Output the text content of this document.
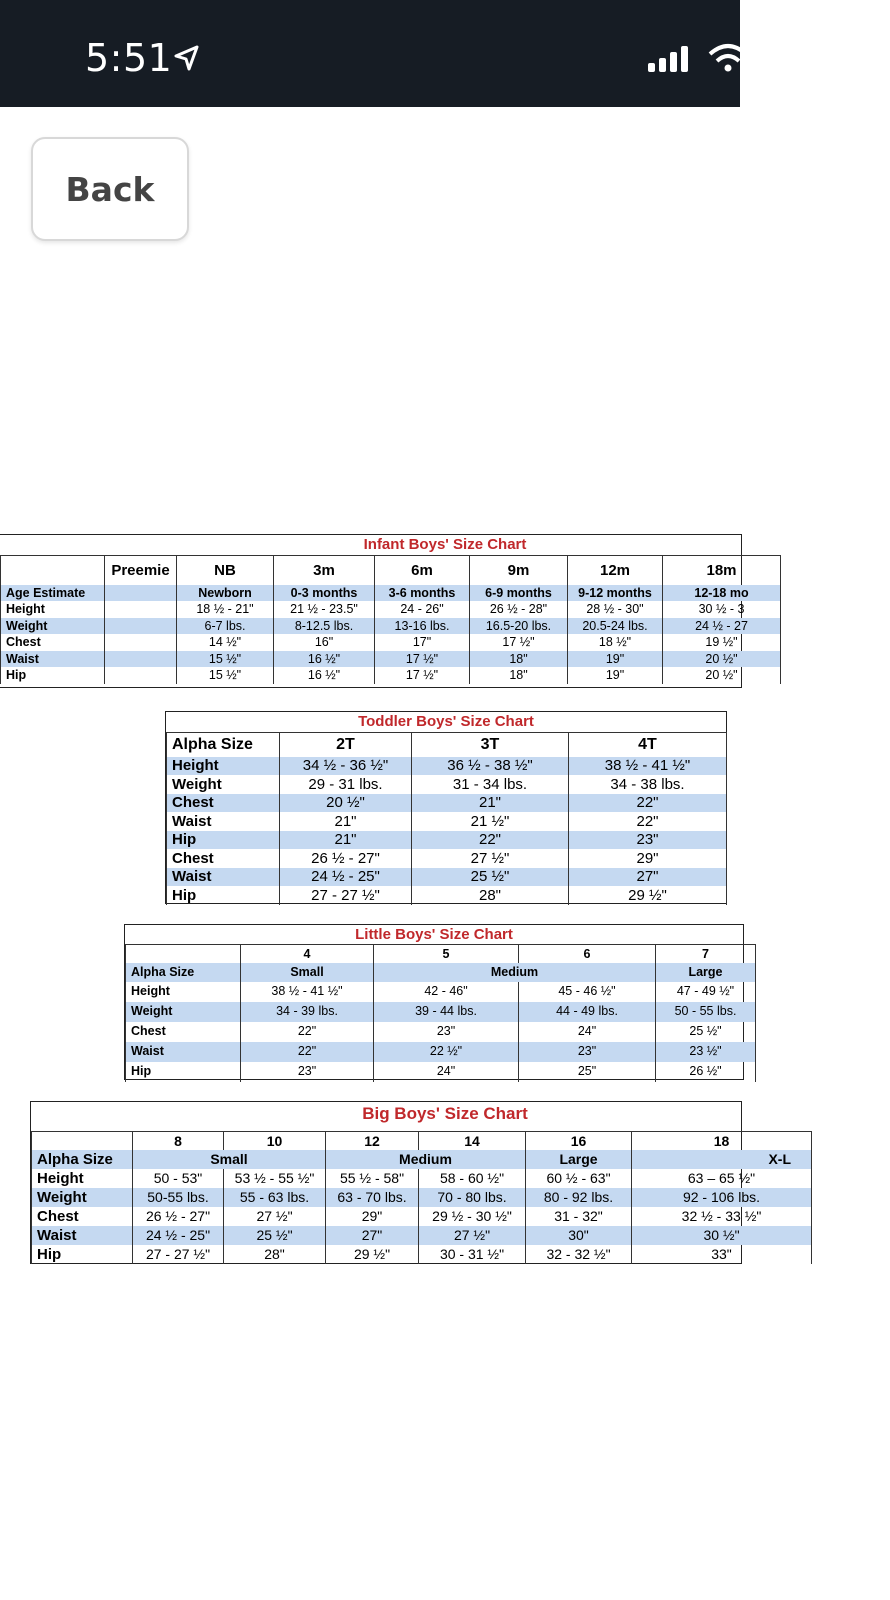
5:51
Back
Infant Boys' Size Chart
	Preemie	NB	3m	6m	9m	12m	18m
Age Estimate		Newborn	0-3 months	3-6 months	6-9 months	9-12 months	12-18 mo
Height		18 ½ - 21"	21 ½ - 23.5"	24 - 26"	26 ½ - 28"	28 ½ - 30"	30 ½ - 3
Weight		6-7 lbs.	8-12.5 lbs.	13-16 lbs.	16.5-20 lbs.	20.5-24 lbs.	24 ½ - 27
Chest		14 ½"	16"	17"	17 ½"	18 ½"	19 ½"
Waist		15 ½"	16 ½"	17 ½"	18"	19"	20 ½"
Hip		15 ½"	16 ½"	17 ½"	18"	19"	20 ½"
Toddler Boys' Size Chart
Alpha Size	2T	3T	4T
Height	34 ½ - 36 ½"	36 ½ - 38 ½"	38 ½ - 41 ½"
Weight	29 - 31 lbs.	31 - 34 lbs.	34 - 38 lbs.
Chest	20 ½"	21"	22"
Waist	21"	21 ½"	22"
Hip	21"	22"	23"
Chest	26 ½ - 27"	27 ½"	29"
Waist	24 ½ - 25"	25 ½"	27"
Hip	27 - 27 ½"	28"	29 ½"
Little Boys' Size Chart
	4	5	6	7
Alpha Size	Small	Medium		Large
Height	38 ½ - 41 ½"	42 - 46"	45 - 46 ½"	47 - 49 ½"
Weight	34 - 39 lbs.	39 - 44 lbs.	44 - 49 lbs.	50 - 55 lbs.
Chest	22"	23"	24"	25 ½"
Waist	22"	22 ½"	23"	23 ½"
Hip	23"	24"	25"	26 ½"
Big Boys' Size Chart
	8	10	12	14	16	18
Alpha Size	Small		Medium		Large	X-L
Height	50 - 53"	53 ½ - 55 ½"	55 ½ - 58"	58 - 60 ½"	60 ½ - 63"	63 – 65 ½"
Weight	50-55 lbs.	55 - 63 lbs.	63 - 70 lbs.	70 - 80 lbs.	80 - 92 lbs.	92 - 106 lbs.
Chest	26 ½ - 27"	27 ½"	29"	29 ½ - 30 ½"	31 - 32"	32 ½ - 33 ½"
Waist	24 ½ - 25"	25 ½"	27"	27 ½"	30"	30 ½"
Hip	27 - 27 ½"	28"	29 ½"	30 - 31 ½"	32 - 32 ½"	33"
